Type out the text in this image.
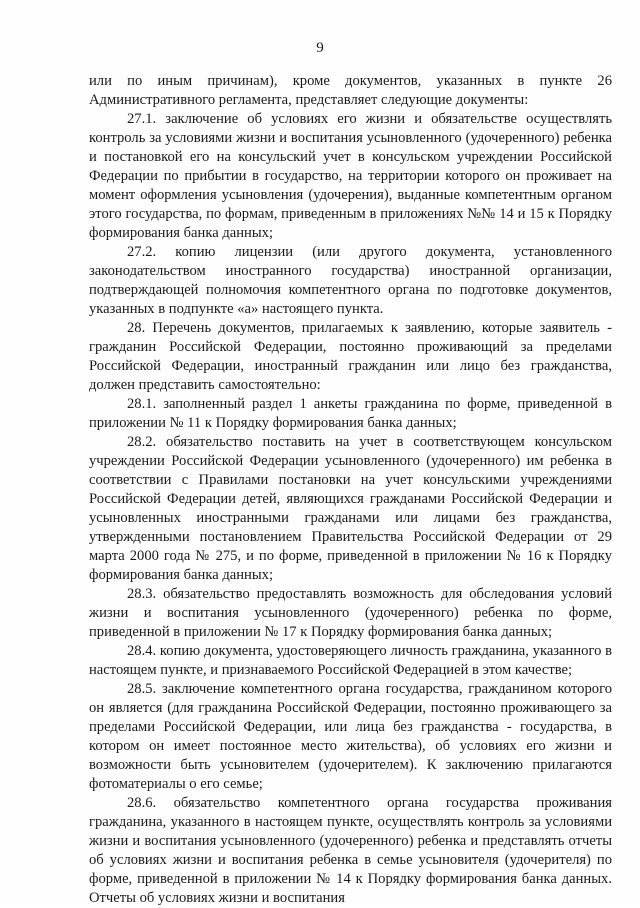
9

или по иным причинам), кроме документов, указанных в пункте 26 Административного регламента, представляет следующие документы:

27.1. заключение об условиях его жизни и обязательстве осуществлять контроль за условиями жизни и воспитания усыновленного (удочеренного) ребенка и постановкой его на консульский учет в консульском учреждении Российской Федерации по прибытии в государство, на территории которого он проживает на момент оформления усыновления (удочерения), выданные компетентным органом этого государства, по формам, приведенным в приложениях №№ 14 и 15 к Порядку формирования банка данных;

27.2. копию лицензии (или другого документа, установленного законодательством иностранного государства) иностранной организации, подтверждающей полномочия компетентного органа по подготовке документов, указанных в подпункте «а» настоящего пункта.

28. Перечень документов, прилагаемых к заявлению, которые заявитель - гражданин Российской Федерации, постоянно проживающий за пределами Российской Федерации, иностранный гражданин или лицо без гражданства, должен представить самостоятельно:

28.1. заполненный раздел 1 анкеты гражданина по форме, приведенной в приложении № 11 к Порядку формирования банка данных;

28.2. обязательство поставить на учет в соответствующем консульском учреждении Российской Федерации усыновленного (удочеренного) им ребенка в соответствии с Правилами постановки на учет консульскими учреждениями Российской Федерации детей, являющихся гражданами Российской Федерации и усыновленных иностранными гражданами или лицами без гражданства, утвержденными постановлением Правительства Российской Федерации от 29 марта 2000 года № 275, и по форме, приведенной в приложении № 16 к Порядку формирования банка данных;

28.3. обязательство предоставлять возможность для обследования условий жизни и воспитания усыновленного (удочеренного) ребенка по форме, приведенной в приложении № 17 к Порядку формирования банка данных;

28.4. копию документа, удостоверяющего личность гражданина, указанного в настоящем пункте, и признаваемого Российской Федерацией в этом качестве;

28.5. заключение компетентного органа государства, гражданином которого он является (для гражданина Российской Федерации, постоянно проживающего за пределами Российской Федерации, или лица без гражданства - государства, в котором он имеет постоянное место жительства), об условиях его жизни и возможности быть усыновителем (удочерителем). К заключению прилагаются фотоматериалы о его семье;

28.6. обязательство компетентного органа государства проживания гражданина, указанного в настоящем пункте, осуществлять контроль за условиями жизни и воспитания усыновленного (удочеренного) ребенка и представлять отчеты об условиях жизни и воспитания ребенка в семье усыновителя (удочерителя) по форме, приведенной в приложении № 14 к Порядку формирования банка данных. Отчеты об условиях жизни и воспитания
